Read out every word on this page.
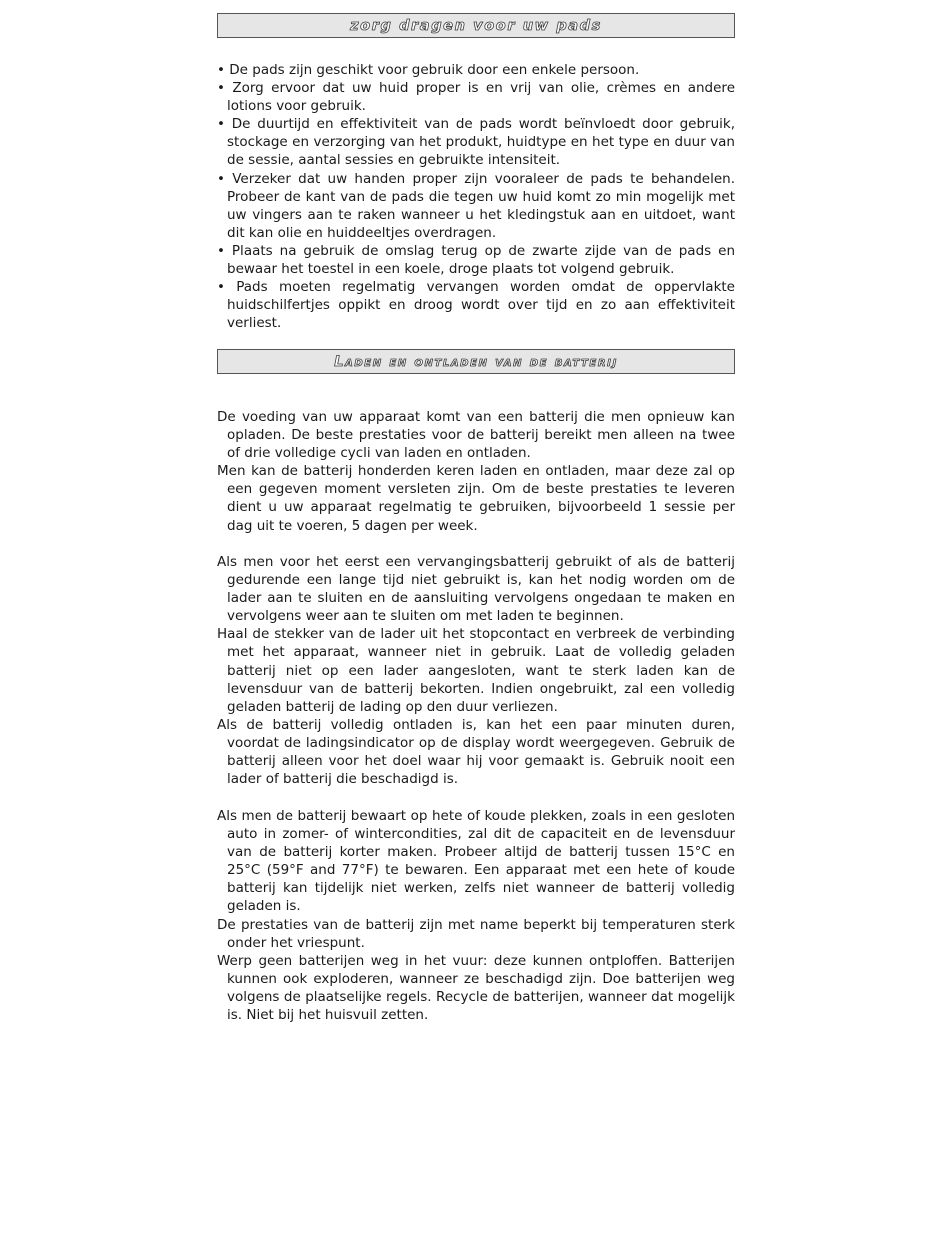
zorg dragen voor uw pads

• De pads zijn geschikt voor gebruik door een enkele persoon.

• Zorg ervoor dat uw huid proper is en vrij van olie, crèmes en andere lotions voor gebruik.

• De duurtijd en effektiviteit van de pads wordt beïnvloedt door gebruik, stockage en verzorging van het produkt, huidtype en het type en duur van de sessie, aantal sessies en gebruikte intensiteit.

• Verzeker dat uw handen proper zijn vooraleer de pads te behandelen. Probeer de kant van de pads die tegen uw huid komt zo min mogelijk met uw vingers aan te raken wanneer u het kledingstuk aan en uitdoet, want dit kan olie en huiddeeltjes overdragen.

• Plaats na gebruik de omslag terug op de zwarte zijde van de pads en bewaar het toestel in een koele, droge plaats tot volgend gebruik.

• Pads moeten regelmatig vervangen worden omdat de oppervlakte huidschilfertjes oppikt en droog wordt over tijd en zo aan effektiviteit verliest.

Laden en ontladen van de batterij

De voeding van uw apparaat komt van een batterij die men opnieuw kan opladen. De beste prestaties voor de batterij bereikt men alleen na twee of drie volledige cycli van laden en ontladen.

Men kan de batterij honderden keren laden en ontladen, maar deze zal op een gegeven moment versleten zijn. Om de beste prestaties te leveren dient u uw apparaat regelmatig te gebruiken, bijvoorbeeld 1 sessie per dag uit te voeren, 5 dagen per week.

Als men voor het eerst een vervangingsbatterij gebruikt of als de batterij gedurende een lange tijd niet gebruikt is, kan het nodig worden om de lader aan te sluiten en de aansluiting vervolgens ongedaan te maken en vervolgens weer aan te sluiten om met laden te beginnen.

Haal de stekker van de lader uit het stopcontact en verbreek de verbinding met het apparaat, wanneer niet in gebruik. Laat de volledig geladen batterij niet op een lader aangesloten, want te sterk laden kan de levensduur van de batterij bekorten. Indien ongebruikt, zal een volledig geladen batterij de lading op den duur verliezen.

Als de batterij volledig ontladen is, kan het een paar minuten duren, voordat de ladingsindicator op de display wordt weergegeven. Gebruik de batterij alleen voor het doel waar hij voor gemaakt is. Gebruik nooit een lader of batterij die beschadigd is.

Als men de batterij bewaart op hete of koude plekken, zoals in een gesloten auto in zomer- of wintercondities, zal dit de capaciteit en de levensduur van de batterij korter maken. Probeer altijd de batterij tussen 15°C en 25°C (59°F and 77°F) te bewaren. Een apparaat met een hete of koude batterij kan tijdelijk niet werken, zelfs niet wanneer de batterij volledig geladen is.

De prestaties van de batterij zijn met name beperkt bij temperaturen sterk onder het vriespunt.

Werp geen batterijen weg in het vuur: deze kunnen ontploffen. Batterijen kunnen ook exploderen, wanneer ze beschadigd zijn. Doe batterijen weg volgens de plaatselijke regels. Recycle de batterijen, wanneer dat mogelijk is. Niet bij het huisvuil zetten.
